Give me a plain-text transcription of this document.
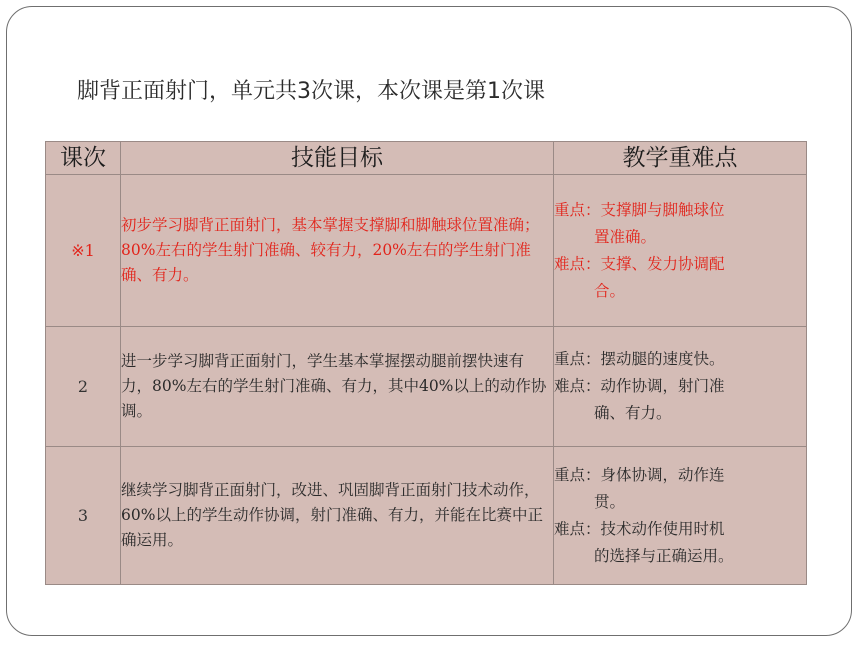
脚背正面射门，单元共3次课，本次课是第1次课
课次	技能目标	教学重难点
※1	初步学习脚背正面射门，基本掌握支撑脚和脚触球位置准确；80%左右的学生射门准确、较有力，20%左右的学生射门准确、有力。	重点：支撑脚与脚触球位
置准确。
难点：支撑、发力协调配
合。

2	进一步学习脚背正面射门，学生基本掌握摆动腿前摆快速有力，80%左右的学生射门准确、有力，其中40%以上的动作协调。	重点：摆动腿的速度快。
难点：动作协调，射门准
确、有力。

3	继续学习脚背正面射门，改进、巩固脚背正面射门技术动作，60%以上的学生动作协调，射门准确、有力，并能在比赛中正确运用。	重点：身体协调，动作连
贯。
难点：技术动作使用时机
的选择与正确运用。
